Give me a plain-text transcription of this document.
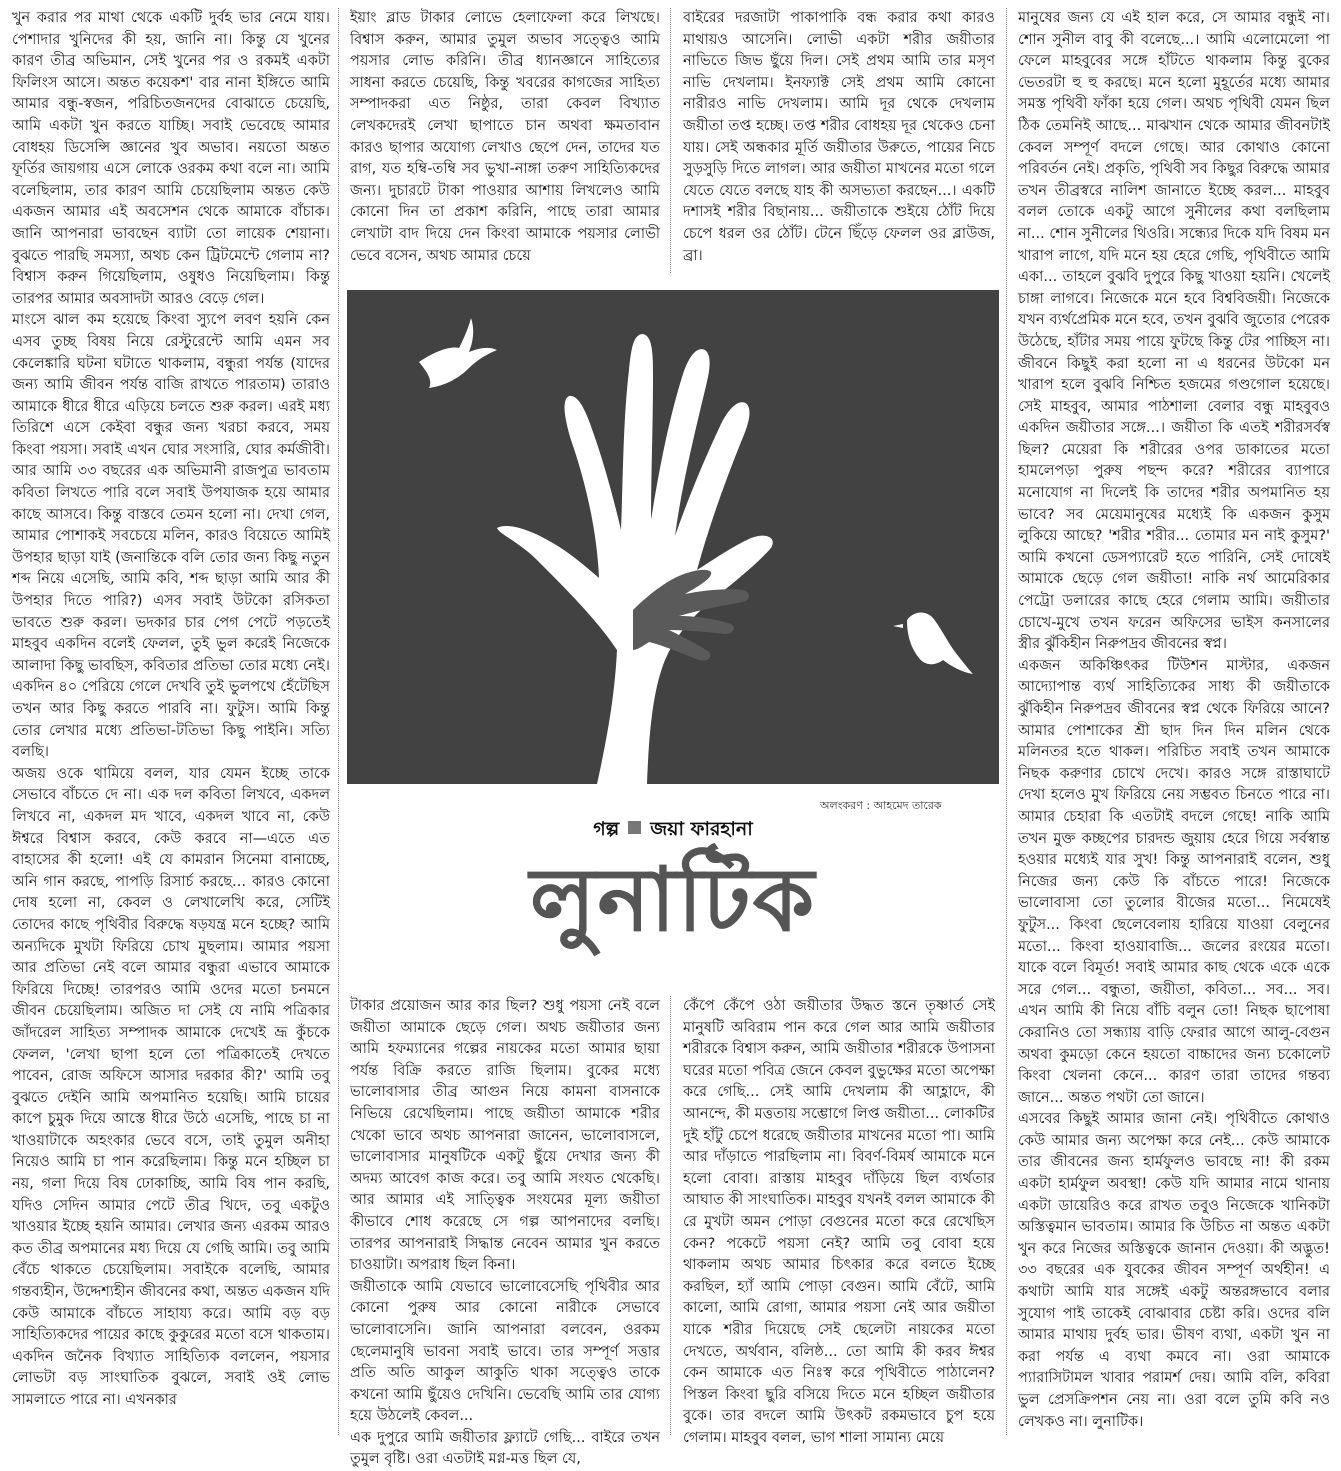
খুন করার পর মাথা থেকে একটি দুর্বহ ভার নেমে যায়। পেশাদার খুনিদের কী হয়, জানি না। কিন্তু যে খুনের কারণ তীব্র অভিমান, সেই খুনের পর ও রকমই একটা ফিলিংস আসে। অন্তত কয়েকশ' বার নানা ইঙ্গিতে আমি আমার বন্ধু-স্বজন, পরিচিতজনদের বোঝাতে চেয়েছি, আমি একটা খুন করতে যাচ্ছি। সবাই ভেবেছে আমার বোধহয় ডিসেন্সি জ্ঞানের খুব অভাব। নয়তো অন্তত ফূর্তির জায়গায় এসে লোকে ওরকম কথা বলে না। আমি বলেছিলাম, তার কারণ আমি চেয়েছিলাম অন্তত কেউ একজন আমার এই অবসেশন থেকে আমাকে বাঁচাক। জানি আপনারা ভাবছেন ব্যাটা তো লায়েক শেয়ানা। বুঝতে পারছি সমস্যা, অথচ কেন ট্রিটমেন্টে গেলাম না? বিশ্বাস করুন গিয়েছিলাম, ওষুধও নিয়েছিলাম। কিন্তু তারপর আমার অবসাদটা আরও বেড়ে গেল।

মাংসে ঝাল কম হয়েছে কিংবা স্যুপে লবণ হয়নি কেন এসব তুচ্ছ বিষয় নিয়ে রেস্টুরেন্টে আমি এমন সব কেলেঙ্কারি ঘটনা ঘটাতে থাকলাম, বন্ধুরা পর্যন্ত (যাদের জন্য আমি জীবন পর্যন্ত বাজি রাখতে পারতাম) তারাও আমাকে ধীরে ধীরে এড়িয়ে চলতে শুরু করল। এরই মধ্য তিরিশে এসে কেইবা বন্ধুর জন্য খরচা করবে, সময় কিংবা পয়সা। সবাই এখন ঘোর সংসারি, ঘোর কর্মজীবী। আর আমি ৩৩ বছরের এক অভিমানী রাজপুত্র ভাবতাম কবিতা লিখতে পারি বলে সবাই উপযাজক হয়ে আমার কাছে আসবে। কিন্তু বাস্তবে তেমন হলো না। দেখা গেল, আমার পোশাকই সবচেয়ে মলিন, কারও বিয়েতে আমিই উপহার ছাড়া যাই (জনান্তিকে বলি তোর জন্য কিছু নতুন শব্দ নিয়ে এসেছি, আমি কবি, শব্দ ছাড়া আমি আর কী উপহার দিতে পারি?) এসব সবাই উটকো রসিকতা ভাবতে শুরু করল। ভদকার চার পেগ পেটে পড়তেই মাহবুব একদিন বলেই ফেলল, তুই ভুল করেই নিজেকে আলাদা কিছু ভাবছিস, কবিতার প্রতিভা তোর মধ্যে নেই। একদিন ৪০ পেরিয়ে গেলে দেখবি তুই ভুলপথে হেঁটেছিস তখন আর কিছু করতে পারবি না। ফুটুস। আমি কিন্তু তোর লেখার মধ্যে প্রতিভা-টতিভা কিছু পাইনি। সত্যি বলছি।

অজয় ওকে থামিয়ে বলল, যার যেমন ইচ্ছে তাকে সেভাবে বাঁচতে দে না। এক দল কবিতা লিখবে, একদল লিখবে না, একদল মদ খাবে, একদল খাবে না, কেউ ঈশ্বরে বিশ্বাস করবে, কেউ করবে না—এতে এত বাহাসের কী হলো! এই যে কামরান সিনেমা বানাচ্ছে, অনি গান করছে, পাপড়ি রিসার্চ করছে... কারও কোনো দোষ হলো না, কেবল ও লেখালেখি করে, সেটিই তোদের কাছে পৃথিবীর বিরুদ্ধে ষড়যন্ত্র মনে হচ্ছে? আমি অন্যদিকে মুখটা ফিরিয়ে চোখ মুছলাম। আমার পয়সা আর প্রতিভা নেই বলে আমার বন্ধুরা এভাবে আমাকে ফিরিয়ে দিচ্ছে! তারপরও আমি ওদের মতো চনমনে জীবন চেয়েছিলাম। অজিত দা সেই যে নামি পত্রিকার জাঁদরেল সাহিত্য সম্পাদক আমাকে দেখেই ভ্রূ কুঁচকে ফেলল, 'লেখা ছাপা হলে তো পত্রিকাতেই দেখতে পাবেন, রোজ অফিসে আসার দরকার কী?' আমি তবু বুঝতে দেইনি আমি অপমানিত হয়েছি। আমি চায়ের কাপে চুমুক দিয়ে আস্তে ধীরে উঠে এসেছি, পাছে চা না খাওয়াটাকে অহংকার ভেবে বসে, তাই তুমুল অনীহা নিয়েও আমি চা পান করেছিলাম। কিন্তু মনে হচ্ছিল চা নয়, গলা দিয়ে বিষ ঢোকাচ্ছি, আমি বিষ পান করছি, যদিও সেদিন আমার পেটে তীব্র খিদে, তবু একটুও খাওয়ার ইচ্ছে হয়নি আমার। লেখার জন্য এরকম আরও কত তীব্র অপমানের মধ্য দিয়ে যে গেছি আমি। তবু আমি বেঁচে থাকতে চেয়েছিলাম। সবাইকে বলেছি, আমার গন্তব্যহীন, উদ্দেশ্যহীন জীবনের কথা, অন্তত একজন যদি কেউ আমাকে বাঁচতে সাহায্য করে। আমি বড় বড় সাহিত্যিকদের পায়ের কাছে কুকুরের মতো বসে থাকতাম। একদিন জনৈক বিখ্যাত সাহিত্যিক বললেন, পয়সার লোভটা বড় সাংঘাতিক বুঝলে, সবাই ওই লোভ সামলাতে পারে না। এখনকার

ইয়াং ব্লাড টাকার লোভে হেলাফেলা করে লিখছে। বিশ্বাস করুন, আমার তুমুল অভাব সত্ত্বেও আমি পয়সার লোভ করিনি। তীব্র ধ্যানজ্ঞানে সাহিত্যের সাধনা করতে চেয়েছি, কিন্তু খবরের কাগজের সাহিত্য সম্পাদকরা এত নিষ্ঠুর, তারা কেবল বিখ্যাত লেখকদেরই লেখা ছাপাতে চান অথবা ক্ষমতাবান কারও ছাপার অযোগ্য লেখাও ছেপে দেন, তাদের যত রাগ, যত হম্বি-তম্বি সব ভুখা-নাঙ্গা তরুণ সাহিত্যিকদের জন্য। দুচারটে টাকা পাওয়ার আশায় লিখলেও আমি কোনো দিন তা প্রকাশ করিনি, পাছে তারা আমার লেখাটা বাদ দিয়ে দেন কিংবা আমাকে পয়সার লোভী ভেবে বসেন, অথচ আমার চেয়ে

বাইরের দরজাটা পাকাপাকি বন্ধ করার কথা কারও মাথায়ও আসেনি। লোভী একটা শরীর জয়ীতার নাভিতে জিভ ছুঁয়ে দিল। সেই প্রথম আমি তার মসৃণ নাভি দেখলাম। ইনফ্যাক্ট সেই প্রথম আমি কোনো নারীরও নাভি দেখলাম। আমি দূর থেকে দেখলাম জয়ীতা তপ্ত হচ্ছে। তপ্ত শরীর বোধহয় দূর থেকেও চেনা যায়। সেই অন্ধকার মূর্তি জয়ীতার উরুতে, পায়ের নিচে সুড়সুড়ি দিতে লাগল। আর জয়ীতা মাখনের মতো গলে যেতে যেতে বলছে যাহ কী অসভ্যতা করছেন...। একটি দশাসই শরীর বিছানায়... জয়ীতাকে শুইয়ে ঠোঁট দিয়ে চেপে ধরল ওর ঠোঁট। টেনে ছিঁড়ে ফেলল ওর ব্লাউজ, ব্রা।

মানুষের জন্য যে এই হাল করে, সে আমার বন্ধুই না। শোন সুনীল বাবু কী বলেছে...। আমি এলোমেলো পা ফেলে মাহবুবের সঙ্গে হাঁটতে থাকলাম কিন্তু বুকের ভেতরটা হু হু করছে। মনে হলো মুহূর্তের মধ্যে আমার সমস্ত পৃথিবী ফাঁকা হয়ে গেল। অথচ পৃথিবী যেমন ছিল ঠিক তেমনিই আছে... মাঝখান থেকে আমার জীবনটাই কেবল সম্পূর্ণ বদলে গেছে। আর কোথাও কোনো পরিবর্তন নেই। প্রকৃতি, পৃথিবী সব কিছুর বিরুদ্ধে আমার তখন তীব্রস্বরে নালিশ জানাতে ইচ্ছে করল... মাহবুব বলল তোকে একটু আগে সুনীলের কথা বলছিলাম না... শোন সুনীলের থিওরি। সন্ধ্যের দিকে যদি বিষম মন খারাপ লাগে, যদি মনে হয় হেরে গেছি, পৃথিবীতে আমি একা... তাহলে বুঝবি দুপুরে কিছু খাওয়া হয়নি। খেলেই চাঙ্গা লাগবে। নিজেকে মনে হবে বিশ্ববিজয়ী। নিজেকে যখন ব্যর্থপ্রেমিক মনে হবে, তখন বুঝবি জুতোর পেরেক উঠেছে, হাঁটার সময় পায়ে ফুটছে কিন্তু টের পাচ্ছিস না। জীবনে কিছুই করা হলো না এ ধরনের উটকো মন খারাপ হলে বুঝবি নিশ্চিত হজমের গণ্ডগোল হয়েছে। সেই মাহবুব, আমার পাঠশালা বেলার বন্ধু মাহবুবও একদিন জয়ীতার সঙ্গে...। জয়ীতা কি এতই শরীরসর্বস্ব ছিল? মেয়েরা কি শরীরের ওপর ডাকাতের মতো হামলেপড়া পুরুষ পছন্দ করে? শরীরের ব্যাপারে মনোযোগ না দিলেই কি তাদের শরীর অপমানিত হয় ভাবে? সব মেয়েমানুষের মধ্যেই কি একজন কুসুম লুকিয়ে আছে? 'শরীর শরীর... তোমার মন নাই কুসুম?' আমি কখনো ডেসপ্যারেট হতে পারিনি, সেই দোষেই আমাকে ছেড়ে গেল জয়ীতা! নাকি নর্থ আমেরিকার পেট্রো ডলারের কাছে হেরে গেলাম আমি। জয়ীতার চোখে-মুখে তখন ফরেন অফিসের ভাইস কনসালের স্ত্রীর ঝুঁকিহীন নিরুপদ্রব জীবনের স্বপ্ন।

একজন অকিঞ্চিৎকর টিউশন মাস্টার, একজন আদ্যোপান্ত ব্যর্থ সাহিত্যিকের সাধ্য কী জয়ীতাকে ঝুঁকিহীন নিরুপদ্রব জীবনের স্বপ্ন থেকে ফিরিয়ে আনে? আমার পোশাকের শ্রী ছাদ দিন দিন মলিন থেকে মলিনতর হতে থাকল। পরিচিত সবাই তখন আমাকে নিছক করুণার চোখে দেখে। কারও সঙ্গে রাস্তাঘাটে দেখা হলেও মুখ ফিরিয়ে নেয় সম্ভবত চিনতে পারে না। আমার চেহারা কি এতটাই বদলে গেছে! নাকি আমি তখন মুক্ত কচ্ছপের চারদন্ড জুয়ায় হেরে গিয়ে সর্বস্বান্ত হওয়ার মধ্যেই যার সুখ! কিন্তু আপনারাই বলেন, শুধু নিজের জন্য কেউ কি বাঁচতে পারে! নিজেকে ভালোবাসা তো তুলোর বীজের মতো... নিমেষেই ফুটুস... কিংবা ছেলেবেলায় হারিয়ে যাওয়া বেলুনের মতো... কিংবা হাওয়াবাজি... জলের রংয়ের মতো। যাকে বলে বিমূর্ত! সবাই আমার কাছ থেকে একে একে সরে গেল... বন্ধুতা, জয়ীতা, কবিতা... সব... সব। এখন আমি কী নিয়ে বাঁচি বলুন তো! নিছক ছাপোষা কেরানিও তো সন্ধ্যায় বাড়ি ফেরার আগে আলু-বেগুন অথবা কুমড়ো কেনে হয়তো বাচ্চাদের জন্য চকোলেট কিংবা খেলনা কেনে... কারণ তারা তাদের গন্তব্য জানে... অন্তত পথটা তো জানে।

এসবের কিছুই আমার জানা নেই। পৃথিবীতে কোথাও কেউ আমার জন্য অপেক্ষা করে নেই... কেউ আমাকে তার জীবনের জন্য হার্মফুলও ভাবছে না! কী রকম একটা হার্মফুল অবস্থা! কেউ যদি আমার নামে থানায় একটা ডায়েরিও করে রাখত তবুও নিজেকে খানিকটা অস্তিত্বমান ভাবতাম। আমার কি উচিত না অন্তত একটা খুন করে নিজের অস্তিত্বকে জানান দেওয়া। কী অদ্ভুত! ৩৩ বছরের এক যুবকের জীবন সম্পূর্ণ অর্থহীন! এ কথাটা আমি যার সঙ্গেই একটু অন্তরঙ্গভাবে বলার সুযোগ পাই তাকেই বোঝাবার চেষ্টা করি। ওদের বলি আমার মাথায় দুর্বহ ভার। ভীষণ ব্যথা, একটা খুন না করা পর্যন্ত এ ব্যথা কমবে না। ওরা আমাকে প্যারাসিটামল খাবার পরামর্শ দেয়। আমি বলি, কবিরা ভুল প্রেসক্রিপশন নেয় না। ওরা বলে তুমি কবি নও লেখকও না। লুনাটিক।

অলংকরণ : আহমেদ তারেক
গল্প জয়া ফারহানা
লুনাটিক

টাকার প্রয়োজন আর কার ছিল? শুধু পয়সা নেই বলে জয়ীতা আমাকে ছেড়ে গেল। অথচ জয়ীতার জন্য আমি হফম্যানের গল্পের নায়কের মতো আমার ছায়া পর্যন্ত বিক্রি করতে রাজি ছিলাম। বুকের মধ্যে ভালোবাসার তীব্র আগুন নিয়ে কামনা বাসনাকে নিভিয়ে রেখেছিলাম। পাছে জয়ীতা আমাকে শরীর খেকো ভাবে অথচ আপনারা জানেন, ভালোবাসলে, ভালোবাসার মানুষটিকে একটু ছুঁয়ে দেখার জন্য কী অদম্য আবেগ কাজ করে। তবু আমি সংযত থেকেছি। আর আমার এই সাত্ত্বিক সংযমের মূল্য জয়ীতা কীভাবে শোধ করেছে সে গল্প আপনাদের বলছি। তারপর আপনারাই সিদ্ধান্ত নেবেন আমার খুন করতে চাওয়াটা। অপরাধ ছিল কিনা।

জয়ীতাকে আমি যেভাবে ভালোবেসেছি পৃথিবীর আর কোনো পুরুষ আর কোনো নারীকে সেভাবে ভালোবাসেনি। জানি আপনারা বলবেন, ওরকম ছেলেমানুষি ভাবনা সবাই ভাবে। তার সম্পূর্ণ সত্তার প্রতি অতি আকুল আকুতি থাকা সত্ত্বেও তাকে কখনো আমি ছুঁয়েও দেখিনি। ভেবেছি আমি তার যোগ্য হয়ে উঠলেই কেবল...

এক দুপুরে আমি জয়ীতার ফ্ল্যাটে গেছি... বাইরে তখন তুমুল বৃষ্টি। ওরা এতটাই মগ্ন-মত্ত ছিল যে,

কেঁপে কেঁপে ওঠা জয়ীতার উদ্ধত স্তনে তৃষ্ণার্ত সেই মানুষটি অবিরাম পান করে গেল আর আমি জয়ীতার শরীরকে বিশ্বাস করুন, আমি জয়ীতার শরীরকে উপাসনা ঘরের মতো পবিত্র জেনে কেবল বুভুক্ষের মতো অপেক্ষা করে গেছি... সেই আমি দেখলাম কী আহ্লাদে, কী আনন্দে, কী মত্ততায় সম্ভোগে লিপ্ত জয়ীতা... লোকটির দুই হাঁটু চেপে ধরেছে জয়ীতার মাখনের মতো পা। আমি আর দাঁড়াতে পারছিলাম না। বিবর্ণ-বিমর্ষ আমাকে মনে হলো বোবা। রাস্তায় মাহবুব দাঁড়িয়ে ছিল ব্যর্থতার আঘাত কী সাংঘাতিক। মাহবুব যখনই বলল আমাকে কী রে মুখটা অমন পোড়া বেগুনের মতো করে রেখেছিস কেন? পকেটে পয়সা নেই? আমি তবু বোবা হয়ে থাকলাম অথচ আমার চিৎকার করে বলতে ইচ্ছে করছিল, হ্যাঁ আমি পোড়া বেগুন। আমি বেঁটে, আমি কালো, আমি রোগা, আমার পয়সা নেই আর জয়ীতা যাকে শরীর দিয়েছে সেই ছেলেটা নায়কের মতো দেখতে, অর্থবান, বলিষ্ঠ... তো আমি কী করব ঈশ্বর কেন আমাকে এত নিঃস্ব করে পৃথিবীতে পাঠালেন? পিস্তল কিংবা ছুরি বসিয়ে দিতে মনে হচ্ছিল জয়ীতার বুকে। তার বদলে আমি উৎকট রকমভাবে চুপ হয়ে গেলাম। মাহবুব বলল, ভাগ শালা সামান্য মেয়ে
